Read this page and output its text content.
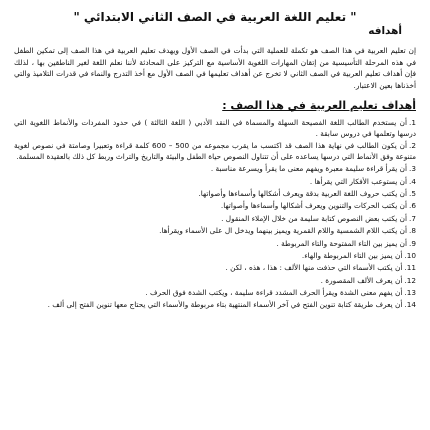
" تعليم اللغة العربية في الصف الثاني الابتدائي "
أهدافه
إن تعليم العربية في هذا الصف هو تكملة للعملية التي بدأت في الصف الأول ويهدف تعليم العربية في هذا الصف إلى تمكين الطفل في هذه المرحلة التأسيسية من إتقان المهارات اللغوية الأساسية مع التركيز على المحادثة لأننا نعلم اللغة لغير الناطقين بها ، لذلك فإن أهداف تعليم العربية في الصف الثاني لا تخرج عن أهداف تعليمها في الصف الأول مع أخذ التدرج والنماء في قدرات التلاميذ والتي أخذناها بعين الاعتبار.
أهداف تعليم العربية في هذا الصف :
1.أن يستخدم الطالب اللغة الفصيحة السهلة والمسماة في النقد الأدبي ( اللغة الثالثة ) في حدود المفردات والأنماط اللغوية التي درسها وتعلمها في دروس سابقة .
2.أن يكون الطالب في نهاية هذا الصف قد اكتسب ما يقرب مجموعه من 500 – 600 كلمة قراءة وتعبيرا وصامتة في نصوص لغوية متنوعة وفق الأنماط التي درسها يساعده على أن تتناول النصوص حياة الطفل والبيئة والتاريخ والتراث وربط كل ذلك بالعقيدة المسلمة.
3.أن يقرأ قراءة سليمة معبرة ويفهم معنى ما يقرأ ويسرعة مناسبة .
4.أن يستوعب الأفكار التي يقرأها .
5.أن يكتب حروف اللغة العربية بدقة ويعرف أشكالها وأسماءها وأصواتها.
6.أن يكتب الحركات والتنوين ويعرف أشكالها وأسماءها وأصواتها.
7.أن يكتب بعض النصوص كتابة سليمة من خلال الإملاء المنقول .
8.أن يكتب اللام الشمسية واللام القمرية ويميز بينهما ويدخل ال على الأسماء ويقرأها.
9.أن يميز بين التاء المفتوحة والتاء المربوطة .
10.أن يميز بين التاء المربوطة والهاء.
11.أن يكتب الأسماء التي حذفت منها الألف : هذا ، هذه ، لكن .
12.أن يعرف الألف المقصورة .
13.أن يفهم معنى الشدة ويقرأ الحرف المشدد قراءة سليمة ، ويكتب الشدة فوق الحرف .
14.أن يعرف طريقة كتابة تنوين الفتح في آخر الأسماء المنتهية بتاء مربوطة والأسماء التي يحتاج معها تنوين الفتح إلى ألف .
